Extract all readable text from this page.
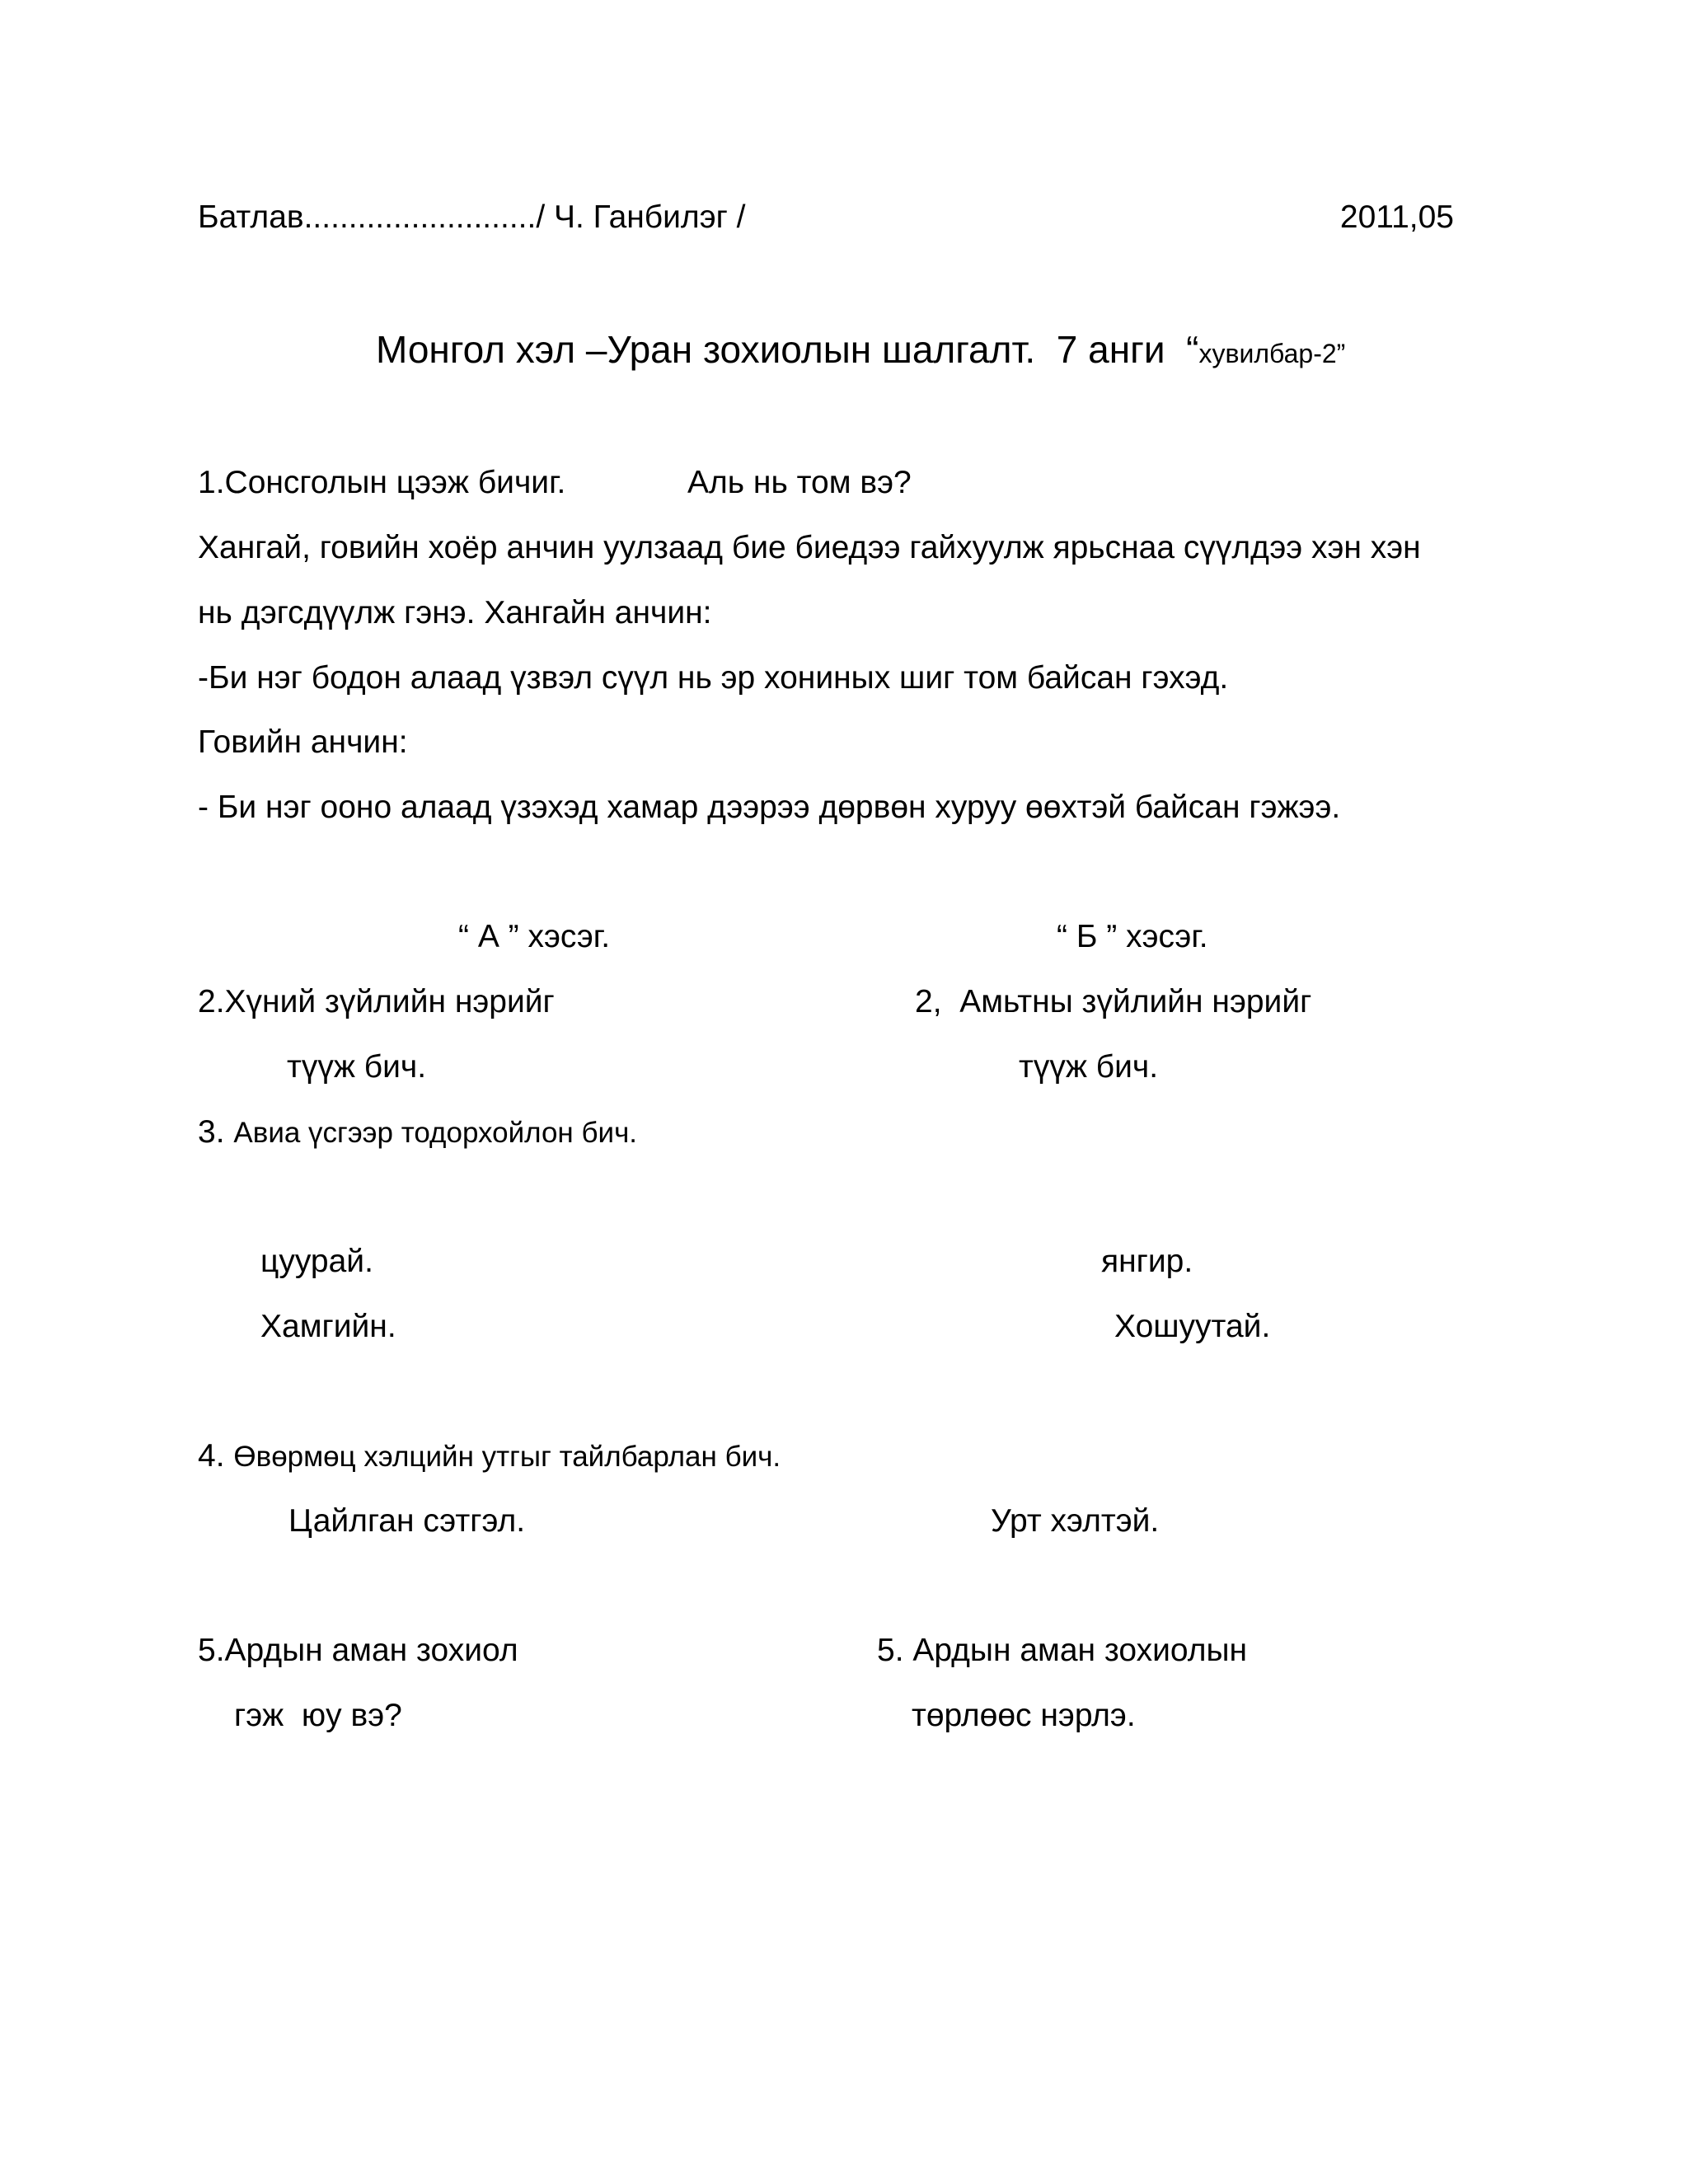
Батлав........................../ Ч. Ганбилэг /	2011,05
Монгол хэл –Уран зохиолын шалгалт.  7 анги  “хувилбар-2”
1.Сонсголын цээж бичиг.	Аль нь том вэ?
Хангай, говийн хоёр анчин уулзаад бие биедээ гайхуулж ярьснаа сүүлдээ хэн хэн
нь дэгсдүүлж гэнэ. Хангайн анчин:
-Би нэг бодон алаад үзвэл сүүл нь эр хониных шиг том байсан гэхэд.
Говийн анчин:
- Би нэг ооно алаад үзэхэд хамар дээрээ дөрвөн хуруу өөхтэй байсан гэжээ.
“ А ” хэсэг.	“ Б ” хэсэг.
2.Хүний зүйлийн нэрийг	2,  Амьтны зүйлийн нэрийг
түүж бич.	түүж бич.
3. Авиа үсгээр тодорхойлон бич.
цуурай.	янгир.
Хамгийн.	Хошуутай.
4. Өвөрмөц хэлцийн утгыг тайлбарлан бич.
Цайлган сэтгэл.	Урт хэлтэй.
5.Ардын аман зохиол	5. Ардын аман зохиолын
гэж  юу вэ?	төрлөөс нэрлэ.
